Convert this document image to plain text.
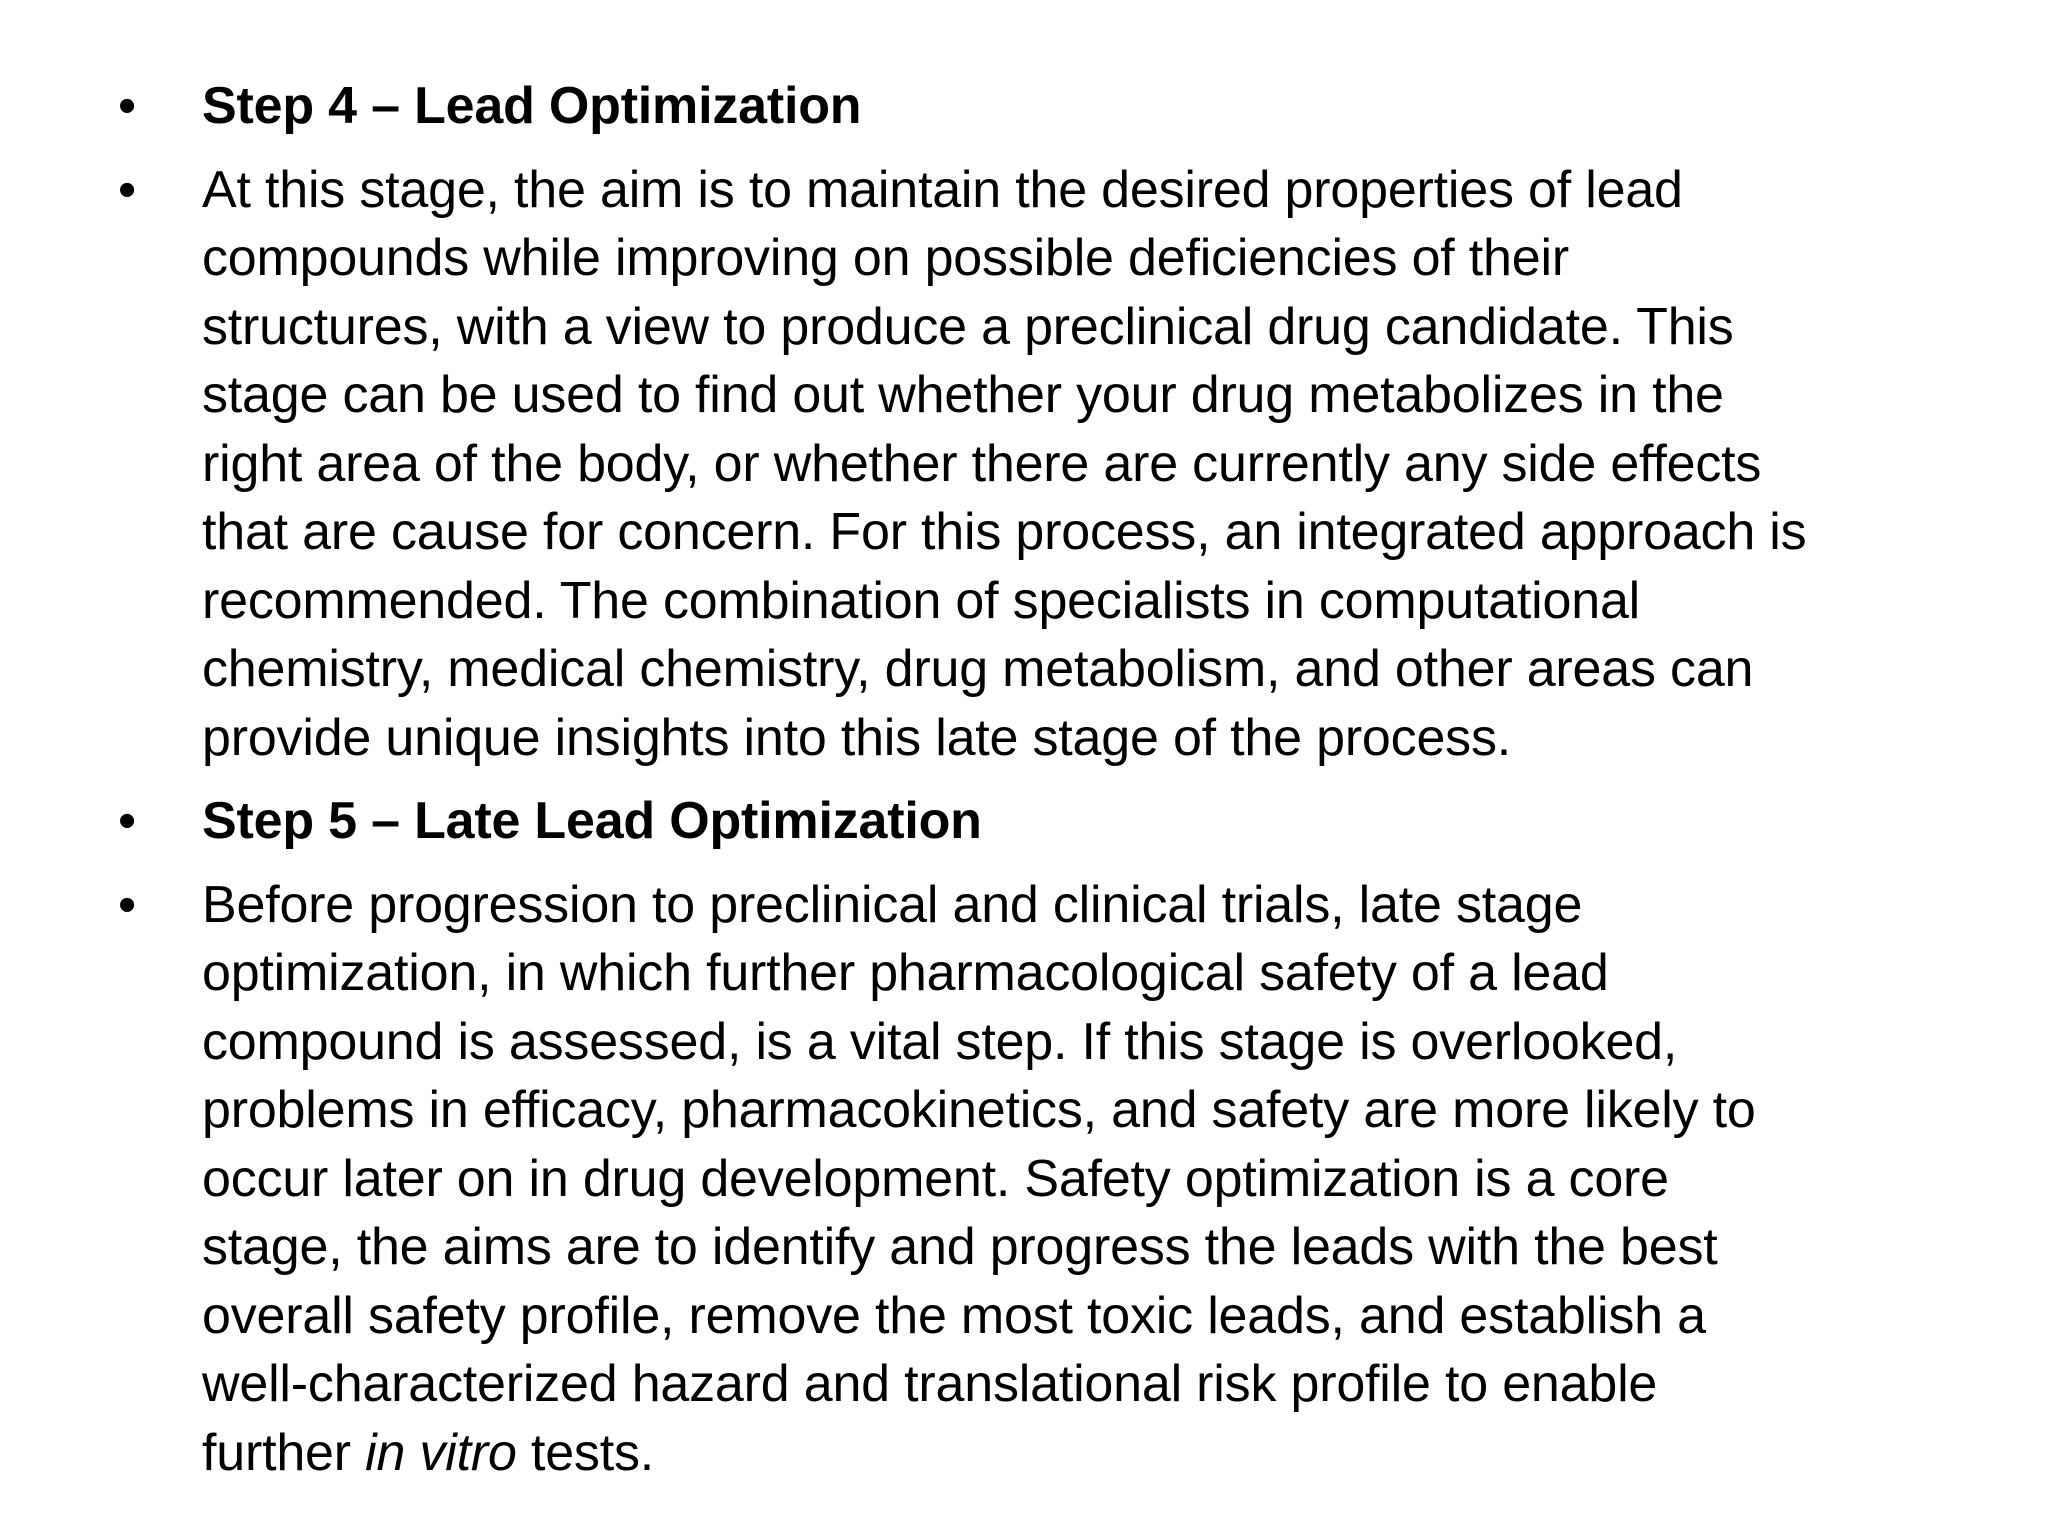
•	Step 4 – Lead Optimization
•	At this stage, the aim is to maintain the desired properties of lead
compounds while improving on possible deficiencies of their
structures, with a view to produce a preclinical drug candidate. This
stage can be used to find out whether your drug metabolizes in the
right area of the body, or whether there are currently any side effects
that are cause for concern. For this process, an integrated approach is
recommended. The combination of specialists in computational
chemistry, medical chemistry, drug metabolism, and other areas can
provide unique insights into this late stage of the process.
•	Step 5 – Late Lead Optimization
•	Before progression to preclinical and clinical trials, late stage
optimization, in which further pharmacological safety of a lead
compound is assessed, is a vital step. If this stage is overlooked,
problems in efficacy, pharmacokinetics, and safety are more likely to
occur later on in drug development. Safety optimization is a core
stage, the aims are to identify and progress the leads with the best
overall safety profile, remove the most toxic leads, and establish a
well-characterized hazard and translational risk profile to enable
further in vitro tests.
